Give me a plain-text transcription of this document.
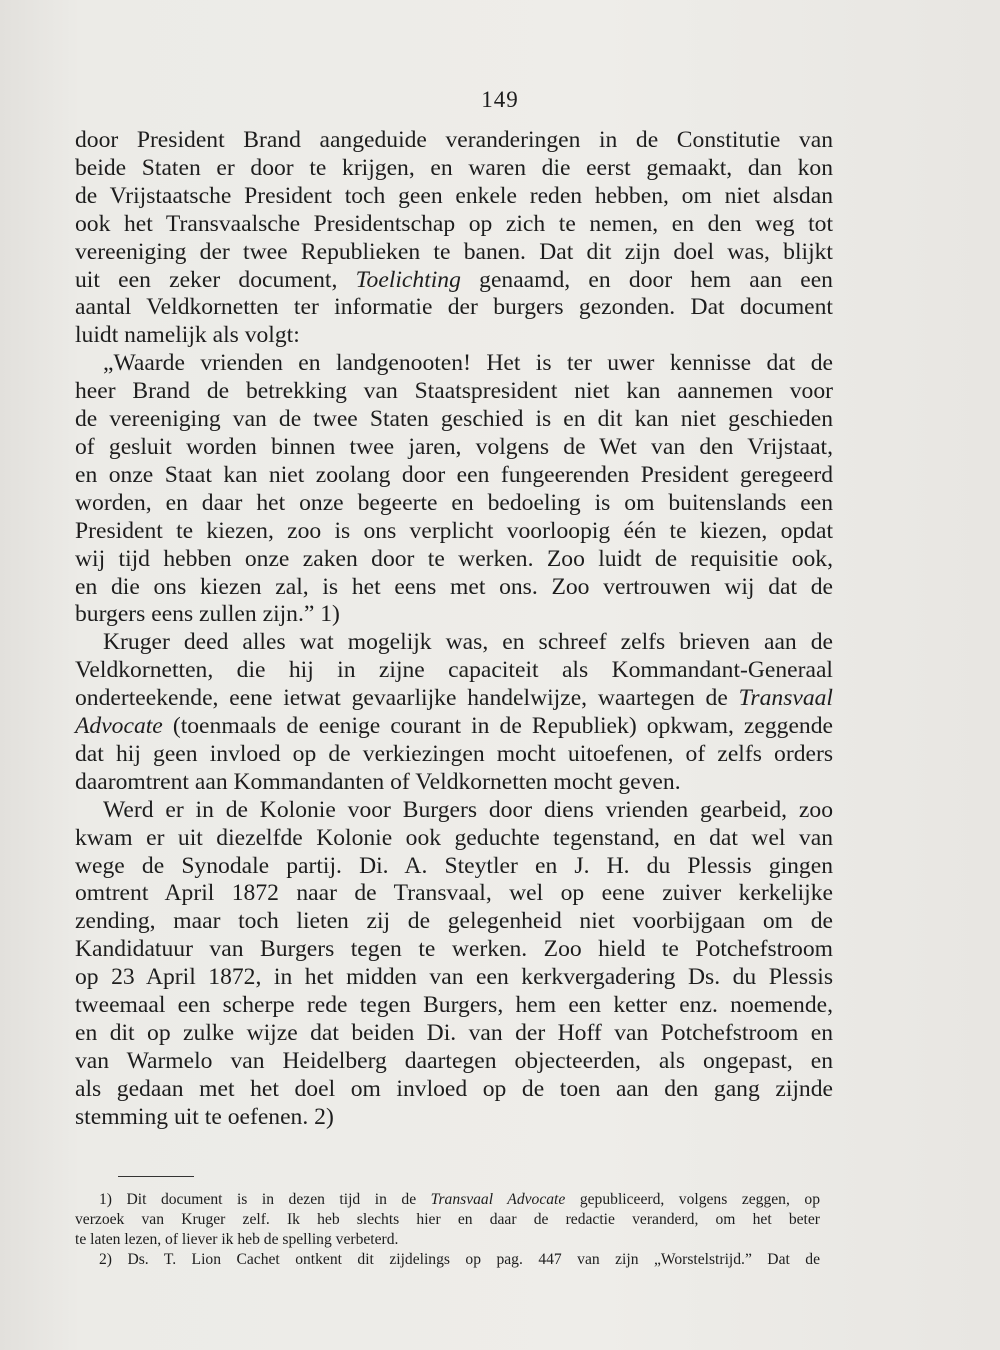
149
door President Brand aangeduide veranderingen in de Constitutie van
beide Staten er door te krijgen, en waren die eerst gemaakt, dan kon
de Vrijstaatsche President toch geen enkele reden hebben, om niet alsdan
ook het Transvaalsche Presidentschap op zich te nemen, en den weg tot
vereeniging der twee Republieken te banen. Dat dit zijn doel was, blijkt
uit een zeker document, Toelichting genaamd, en door hem aan een
aantal Veldkornetten ter informatie der burgers gezonden. Dat document
luidt namelijk als volgt:
„Waarde vrienden en landgenooten! Het is ter uwer kennisse dat de
heer Brand de betrekking van Staatspresident niet kan aannemen voor
de vereeniging van de twee Staten geschied is en dit kan niet geschieden
of gesluit worden binnen twee jaren, volgens de Wet van den Vrijstaat,
en onze Staat kan niet zoolang door een fungeerenden President geregeerd
worden, en daar het onze begeerte en bedoeling is om buitenslands een
President te kiezen, zoo is ons verplicht voorloopig één te kiezen, opdat
wij tijd hebben onze zaken door te werken. Zoo luidt de requisitie ook,
en die ons kiezen zal, is het eens met ons. Zoo vertrouwen wij dat de
burgers eens zullen zijn.” 1)
Kruger deed alles wat mogelijk was, en schreef zelfs brieven aan de
Veldkornetten, die hij in zijne capaciteit als Kommandant-Generaal
onderteekende, eene ietwat gevaarlijke handelwijze, waartegen de Transvaal
Advocate (toenmaals de eenige courant in de Republiek) opkwam, zeggende
dat hij geen invloed op de verkiezingen mocht uitoefenen, of zelfs orders
daaromtrent aan Kommandanten of Veldkornetten mocht geven.
Werd er in de Kolonie voor Burgers door diens vrienden gearbeid, zoo
kwam er uit diezelfde Kolonie ook geduchte tegenstand, en dat wel van
wege de Synodale partij. Di. A. Steytler en J. H. du Plessis gingen
omtrent April 1872 naar de Transvaal, wel op eene zuiver kerkelijke
zending, maar toch lieten zij de gelegenheid niet voorbijgaan om de
Kandidatuur van Burgers tegen te werken. Zoo hield te Potchefstroom
op 23 April 1872, in het midden van een kerkvergadering Ds. du Plessis
tweemaal een scherpe rede tegen Burgers, hem een ketter enz. noemende,
en dit op zulke wijze dat beiden Di. van der Hoff van Potchefstroom en
van Warmelo van Heidelberg daartegen objecteerden, als ongepast, en
als gedaan met het doel om invloed op de toen aan den gang zijnde
stemming uit te oefenen. 2)
1) Dit document is in dezen tijd in de Transvaal Advocate gepubliceerd, volgens zeggen, op
verzoek van Kruger zelf. Ik heb slechts hier en daar de redactie veranderd, om het beter
te laten lezen, of liever ik heb de spelling verbeterd.
2) Ds. T. Lion Cachet ontkent dit zijdelings op pag. 447 van zijn „Worstelstrijd.” Dat de
